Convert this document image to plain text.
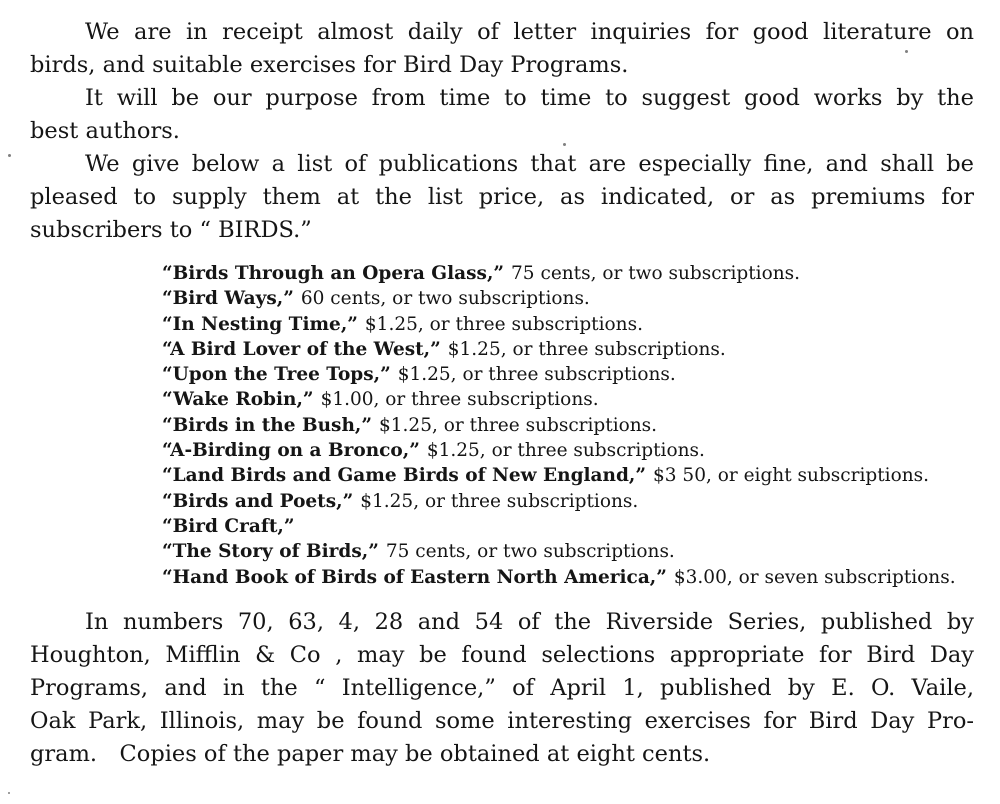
We are in receipt almost daily of letter inquiries for good literature on
birds, and suitable exercises for Bird Day Programs.

It will be our purpose from time to time to suggest good works by the
best authors.

We give below a list of publications that are especially fine, and shall be
pleased to supply them at the list price, as indicated, or as premiums for
subscribers to “ BIRDS.”

“Birds Through an Opera Glass,” 75 cents, or two subscriptions.
“Bird Ways,” 60 cents, or two subscriptions.
“In Nesting Time,” $1.25, or three subscriptions.
“A Bird Lover of the West,” $1.25, or three subscriptions.
“Upon the Tree Tops,” $1.25, or three subscriptions.
“Wake Robin,” $1.00, or three subscriptions.
“Birds in the Bush,” $1.25, or three subscriptions.
“A-Birding on a Bronco,” $1.25, or three subscriptions.
“Land Birds and Game Birds of New England,” $3 50, or eight subscriptions.
“Birds and Poets,” $1.25, or three subscriptions.
“Bird Craft,”
“The Story of Birds,” 75 cents, or two subscriptions.
“Hand Book of Birds of Eastern North America,” $3.00, or seven subscriptions.

In numbers 70, 63, 4, 28 and 54 of the Riverside Series, published by
Houghton, Mifflin & Co , may be found selections appropriate for Bird Day
Programs, and in the “ Intelligence,” of April 1, published by E. O. Vaile,
Oak Park, Illinois, may be found some interesting exercises for Bird Day Pro-
gram. Copies of the paper may be obtained at eight cents.
